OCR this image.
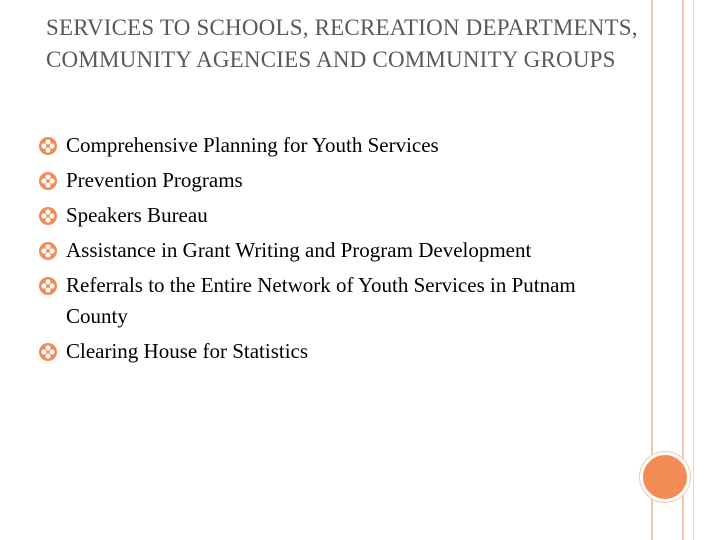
SERVICES TO SCHOOLS, RECREATION DEPARTMENTS, COMMUNITY AGENCIES AND COMMUNITY GROUPS
Comprehensive Planning for Youth Services
Prevention Programs
Speakers Bureau
Assistance in Grant Writing and Program Development
Referrals to the Entire Network of Youth Services in Putnam County
Clearing House for Statistics
